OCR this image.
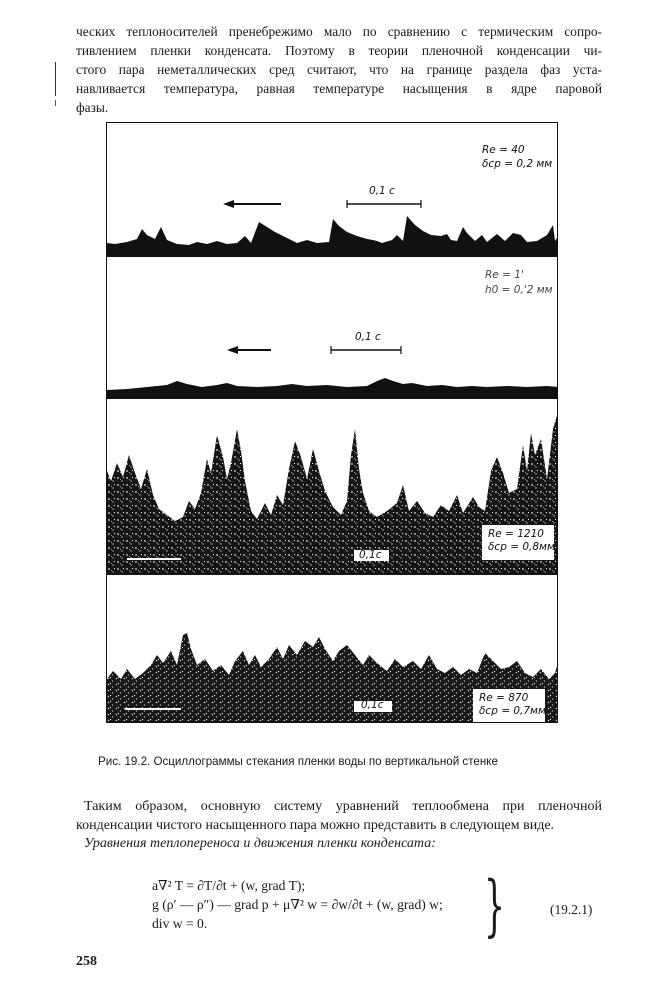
ческих теплоносителей пренебрежимо мало по сравнению с термическим сопро-
тивлением пленки конденсата. Поэтому в теории пленочной конденсации чи-
стого пара неметаллических сред считают, что на границе раздела фаз уста-
навливается температура, равная температуре насыщения в ядре паровой
фазы.

Re = 40
δср = 0,2 мм
0,1 с
Re = 1'
h0 = 0,'2 мм
0,1 с
0,1с
Re = 1210
δср = 0,8мм
0,1с
Re = 870
δср = 0,7мм
Рис. 19.2. Осциллограммы стекания пленки воды по вертикальной стенке

Таким образом, основную систему уравнений теплообмена при пленочной
конденсации чистого насыщенного пара можно представить в следующем виде.

Уравнения теплопереноса и движения пленки конденсата:

a∇² T = ∂T/∂t + (w, grad T);
g (ρ′ — ρ″) — grad p + μ∇² w = ∂w/∂t + (w, grad) w;
div w = 0.	}	(19.2.1)
258
